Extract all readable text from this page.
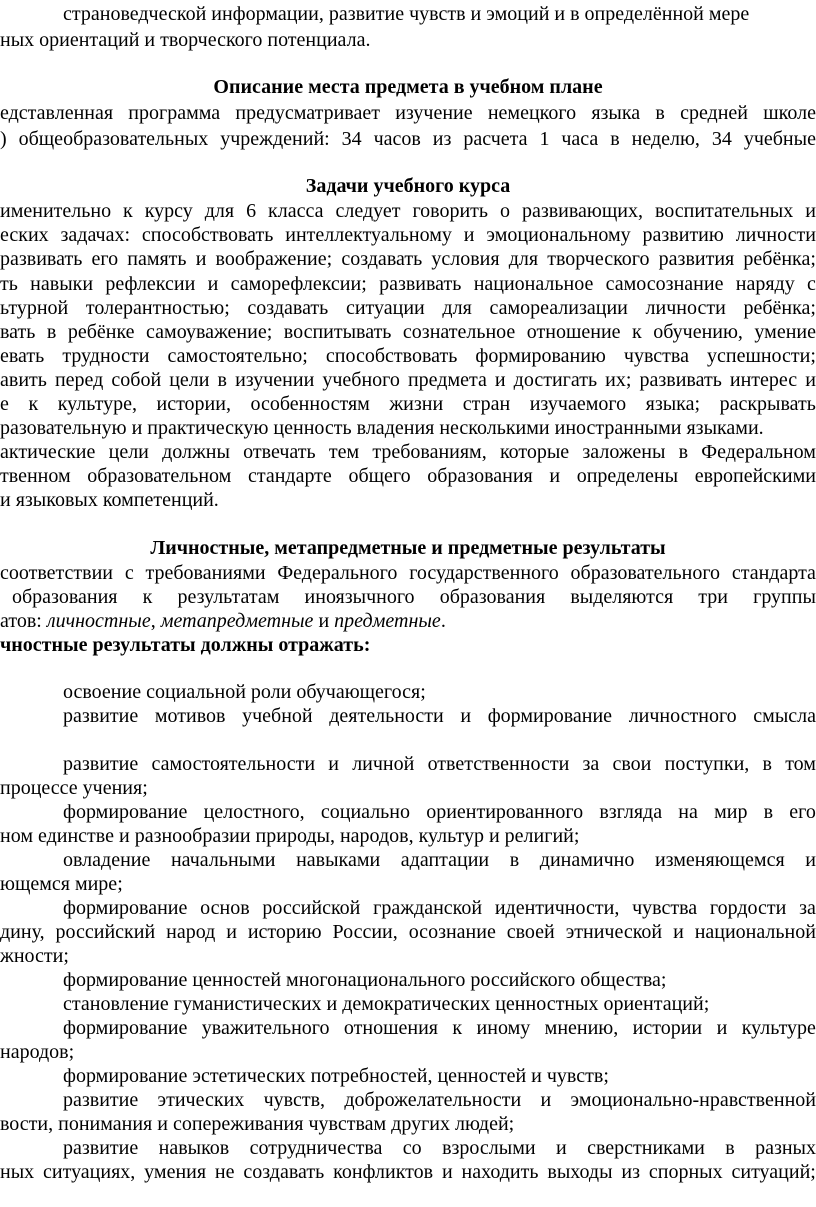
страноведческой информации, развитие чувств и эмоций и в определённой мере
ных ориентаций и творческого потенциала.
Описание места предмета в учебном плане
едставленная программа предусматривает изучение немецкого языка в средней школе
) общеобразовательных учреждений: 34 часов из расчета 1 часа в неделю, 34 учебные
Задачи учебного курса
именительно к курсу для 6 класса следует говорить о развивающих, воспитательных и
еских задачах: способствовать интеллектуальному и эмоциональному развитию личности
развивать его память и воображение; создавать условия для творческого развития ребёнка;
ть навыки рефлексии и саморефлексии; развивать национальное самосознание наряду с
ьтурной толерантностью; создавать ситуации для самореализации личности ребёнка;
вать в ребёнке самоуважение; воспитывать сознательное отношение к обучению, умение
евать трудности самостоятельно; способствовать формированию чувства успешности;
авить перед собой цели в изучении учебного предмета и достигать их; развивать интерес и
е к культуре, истории, особенностям жизни стран изучаемого языка; раскрывать
разовательную и практическую ценность владения несколькими иностранными языками.
актические цели должны отвечать тем требованиям, которые заложены в Федеральном
твенном образовательном стандарте общего образования и определены европейскими
и языковых компетенций.
Личностные, метапредметные и предметные результаты
соответствии с требованиями Федерального государственного образовательного стандарта
образования к результатам иноязычного образования выделяются три группы
атов: личностные, метапредметные и предметные.
чностные результаты должны отражать:
освоение социальной роли обучающегося;
развитие мотивов учебной деятельности и формирование личностного смысла
развитие самостоятельности и личной ответственности за свои поступки, в том
процессе учения;
формирование целостного, социально ориентированного взгляда на мир в его
ном единстве и разнообразии природы, народов, культур и религий;
овладение начальными навыками адаптации в динамично изменяющемся и
ющемся мире;
формирование основ российской гражданской идентичности, чувства гордости за
дину, российский народ и историю России, осознание своей этнической и национальной
жности;
формирование ценностей многонационального российского общества;
становление гуманистических и демократических ценностных ориентаций;
формирование уважительного отношения к иному мнению, истории и культуре
народов;
формирование эстетических потребностей, ценностей и чувств;
развитие этических чувств, доброжелательности и эмоционально-нравственной
вости, понимания и сопереживания чувствам других людей;
развитие навыков сотрудничества со взрослыми и сверстниками в разных
ных ситуациях, умения не создавать конфликтов и находить выходы из спорных ситуаций;
